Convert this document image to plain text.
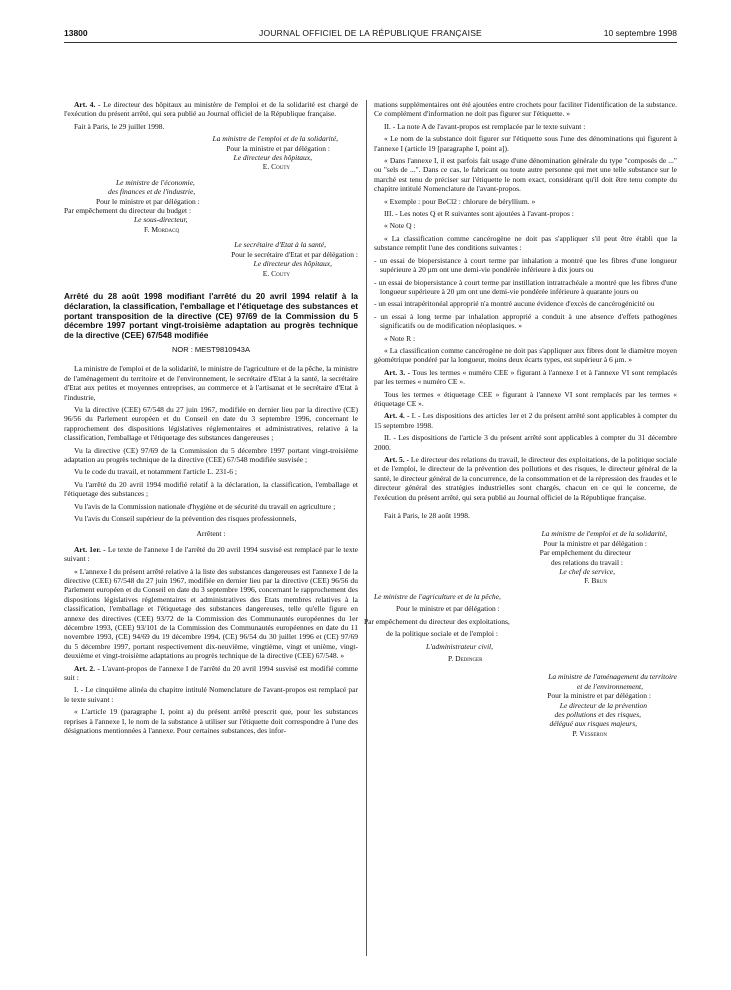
13800	JOURNAL OFFICIEL DE LA RÉPUBLIQUE FRANÇAISE	10 septembre 1998

Art. 4. - Le directeur des hôpitaux au ministère de l'emploi et de la solidarité est chargé de l'exécution du présent arrêté, qui sera publié au Journal officiel de la République française.

Fait à Paris, le 29 juillet 1998.

La ministre de l'emploi et de la solidarité,

Pour la ministre et par délégation :

Le directeur des hôpitaux,

E. Couty

Le ministre de l'économie,

des finances et de l'industrie,

Pour le ministre et par délégation :

Par empêchement du directeur du budget :

Le sous-directeur,

F. Mordacq

Le secrétaire d'Etat à la santé,

Pour le secrétaire d'Etat et par délégation :

Le directeur des hôpitaux,

E. Couty

Arrêté du 28 août 1998 modifiant l'arrêté du 20 avril 1994 relatif à la déclaration, la classification, l'emballage et l'étiquetage des substances et portant transposition de la directive (CE) 97/69 de la Commission du 5 décembre 1997 portant vingt-troisième adaptation au progrès technique de la directive (CEE) 67/548 modifiée

NOR : MEST9810943A

La ministre de l'emploi et de la solidarité, le ministre de l'agriculture et de la pêche, la ministre de l'aménagement du territoire et de l'environnement, le secrétaire d'Etat à la santé, la secrétaire d'Etat aux petites et moyennes entreprises, au commerce et à l'artisanat et le secrétaire d'Etat à l'industrie,

Vu la directive (CEE) 67/548 du 27 juin 1967, modifiée en dernier lieu par la directive (CE) 96/56 du Parlement européen et du Conseil en date du 3 septembre 1996, concernant le rapprochement des dispositions législatives réglementaires et administratives, relative à la classification, l'emballage et l'étiquetage des substances dangereuses ;

Vu la directive (CE) 97/69 de la Commission du 5 décembre 1997 portant vingt-troisième adaptation au progrès technique de la directive (CEE) 67/548 modifiée susvisée ;

Vu le code du travail, et notamment l'article L. 231-6 ;

Vu l'arrêté du 20 avril 1994 modifié relatif à la déclaration, la classification, l'emballage et l'étiquetage des substances ;

Vu l'avis de la Commission nationale d'hygiène et de sécurité du travail en agriculture ;

Vu l'avis du Conseil supérieur de la prévention des risques professionnels,

Arrêtent :

Art. 1er. - Le texte de l'annexe I de l'arrêté du 20 avril 1994 susvisé est remplacé par le texte suivant :

« L'annexe I du présent arrêté relative à la liste des substances dangereuses est l'annexe I de la directive (CEE) 67/548 du 27 juin 1967, modifiée en dernier lieu par la directive (CEE) 96/56 du Parlement européen et du Conseil en date du 3 septembre 1996, concernant le rapprochement des dispositions législatives réglementaires et administratives des Etats membres relatives à la classification, l'emballage et l'étiquetage des substances dangereuses, telle qu'elle figure en annexe des directives (CEE) 93/72 de la Commission des Communautés européennes du 1er décembre 1993, (CEE) 93/101 de la Commission des Communautés européennes en date du 11 novembre 1993, (CE) 94/69 du 19 décembre 1994, (CE) 96/54 du 30 juillet 1996 et (CE) 97/69 du 5 décembre 1997, portant respectivement dix-neuvième, vingtième, vingt et unième, vingt-deuxième et vingt-troisième adaptations au progrès technique de la directive (CEE) 67/548. »

Art. 2. - L'avant-propos de l'annexe I de l'arrêté du 20 avril 1994 susvisé est modifié comme suit :

I. - Le cinquième alinéa du chapitre intitulé Nomenclature de l'avant-propos est remplacé par le texte suivant :

« L'article 19 (paragraphe I, point a) du présent arrêté prescrit que, pour les substances reprises à l'annexe I, le nom de la substance à utiliser sur l'étiquette doit correspondre à l'une des désignations mentionnées à l'annexe. Pour certaines substances, des infor-

mations supplémentaires ont été ajoutées entre crochets pour faciliter l'identification de la substance. Ce complément d'information ne doit pas figurer sur l'étiquette. »

II. - La note A de l'avant-propos est remplacée par le texte suivant :

« Le nom de la substance doit figurer sur l'étiquette sous l'une des dénominations qui figurent à l'annexe I (article 19 [paragraphe I, point a]).

« Dans l'annexe I, il est parfois fait usage d'une dénomination générale du type "composés de ..." ou "sels de ...". Dans ce cas, le fabricant ou toute autre personne qui met une telle substance sur le marché est tenu de préciser sur l'étiquette le nom exact, considérant qu'il doit être tenu compte du chapitre intitulé Nomenclature de l'avant-propos.

« Exemple : pour BeCl2 : chlorure de béryllium. »

III. - Les notes Q et R suivantes sont ajoutées à l'avant-propos :

« Note Q :

« La classification comme cancérogène ne doit pas s'appliquer s'il peut être établi que la substance remplit l'une des conditions suivantes :

- un essai de biopersistance à court terme par inhalation a montré que les fibres d'une longueur supérieure à 20 μm ont une demi-vie pondérée inférieure à dix jours ou

- un essai de biopersistance à court terme par instillation intratrachéale a montré que les fibres d'une longueur supérieure à 20 μm ont une demi-vie pondérée inférieure à quarante jours ou

- un essai intrapéritonéal approprié n'a montré aucune évidence d'excès de cancérogénicité ou

- un essai à long terme par inhalation approprié a conduit à une absence d'effets pathogènes significatifs ou de modification néoplasiques. »

« Note R :

« La classification comme cancérogène ne doit pas s'appliquer aux fibres dont le diamètre moyen géométrique pondéré par la longueur, moins deux écarts types, est supérieur à 6 μm. »

Art. 3. - Tous les termes « numéro CEE » figurant à l'annexe I et à l'annexe VI sont remplacés par les termes « numéro CE ».

Tous les termes « étiquetage CEE » figurant à l'annexe VI sont remplacés par les termes « étiquetage CE ».

Art. 4. - I. - Les dispositions des articles 1er et 2 du présent arrêté sont applicables à compter du 15 septembre 1998.

II. - Les dispositions de l'article 3 du présent arrêté sont applicables à compter du 31 décembre 2000.

Art. 5. - Le directeur des relations du travail, le directeur des exploitations, de la politique sociale et de l'emploi, le directeur de la prévention des pollutions et des risques, le directeur général de la santé, le directeur général de la concurrence, de la consommation et de la répression des fraudes et le directeur général des stratégies industrielles sont chargés, chacun en ce qui le concerne, de l'exécution du présent arrêté, qui sera publié au Journal officiel de la République française.

Fait à Paris, le 28 août 1998.

La ministre de l'emploi et de la solidarité,

Pour la ministre et par délégation :

Par empêchement du directeur

des relations du travail :

Le chef de service,

F. Brun

Le ministre de l'agriculture et de la pêche,

Pour le ministre et par délégation :

Par empêchement du directeur des exploitations,

de la politique sociale et de l'emploi :

L'administrateur civil,

P. Dedinger

La ministre de l'aménagement du territoire

et de l'environnement,

Pour la ministre et par délégation :

Le directeur de la prévention

des pollutions et des risques,

délégué aux risques majeurs,

P. Vesseron
